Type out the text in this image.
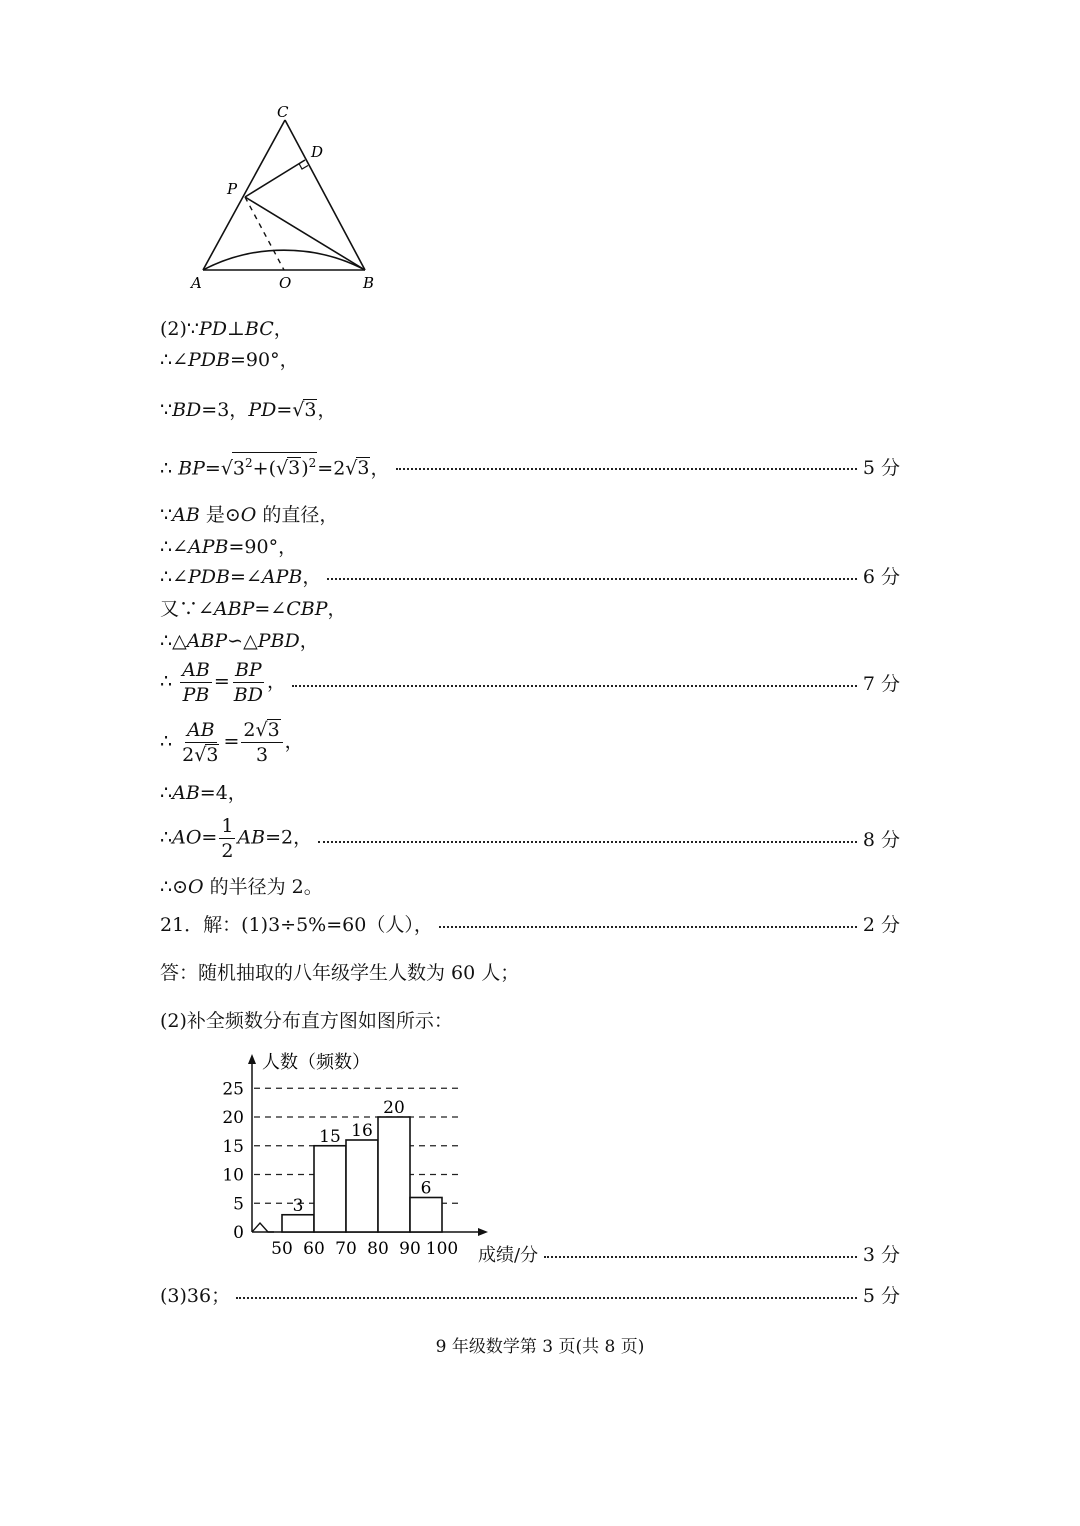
C
D
P
A	O	B
(2)∵PD⊥BC，
∴∠PDB=90°，
∵BD=3，PD=√3，
∴ $BP=√3^2+(√3)^2=2√3$，	5 分
∵AB 是⊙O 的直径，
∴∠APB=90°，
∴∠PDB=∠APB，	6 分
又∵∠ABP=∠CBP，
∴△ABP∽△PBD，
∴ $\frac{AB}{PB} = \frac{BP}{BD}$ ，	7 分
∴ $\frac{AB}{2√3} = \frac{2√3}{3}$ ，
∴AB=4，
∴AO= $\frac{1}{2} AB=2$，	8 分
∴⊙O 的半径为 2。
21．解：(1)3÷5%=60（人），	2 分
答：随机抽取的八年级学生人数为 60 人；
(2)补全频数分布直方图如图所示：
0
5
10
15
20
25
人数（频数）
3
15 16
20
6
50 60 70 80 90 100 成绩/分	3 分
(3)36；	5 分
9 年级数学第 3 页(共 8 页)
